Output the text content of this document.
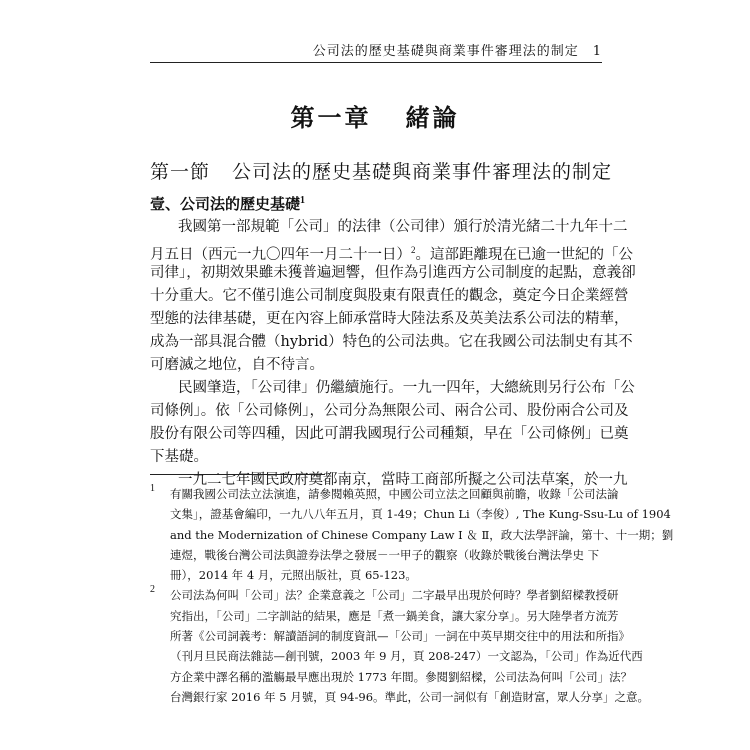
公司法的歷史基礎與商業事件審理法的制定 1
第一章 緒論
第一節 公司法的歷史基礎與商業事件審理法的制定
壹、公司法的歷史基礎$^1$
我國第一部規範「公司」的法律（公司律）頒行於清光緒二十九年十二
月五日（西元一九〇四年一月二十一日）$^2$。這部距離現在已逾一世紀的「公
司律」，初期效果雖未獲普遍迴響，但作為引進西方公司制度的起點，意義卻
十分重大。它不僅引進公司制度與股東有限責任的觀念，奠定今日企業經營
型態的法律基礎，更在內容上師承當時大陸法系及英美法系公司法的精華，
成為一部具混合體（hybrid）特色的公司法典。它在我國公司法制史有其不
可磨滅之地位，自不待言。
民國肇造，「公司律」仍繼續施行。一九一四年，大總統則另行公布「公
司條例」。依「公司條例」，公司分為無限公司、兩合公司、股份兩合公司及
股份有限公司等四種，因此可謂我國現行公司種類，早在「公司條例」已奠
下基礎。
一九二七年國民政府奠都南京，當時工商部所擬之公司法草案，於一九
1 有關我國公司法立法演進，請參閱賴英照，中國公司立法之回顧與前瞻，收錄「公司法論
文集」，證基會編印，一九八八年五月，頁 1-49；Chun Li（李俊）, The Kung-Ssu-Lu of 1904
and the Modernization of Chinese Company Law Ⅰ ＆ Ⅱ，政大法學評論，第十、十一期；劉
連煜，戰後台灣公司法與證券法學之發展－一甲子的觀察（收錄於戰後台灣法學史 下
冊），2014 年 4 月，元照出版社，頁 65-123。
2 公司法為何叫「公司」法？企業意義之「公司」二字最早出現於何時？學者劉紹樑教授研
究指出，「公司」二字訓詁的結果，應是「煮一鍋美食，讓大家分享」。另大陸學者方流芳
所著《公司詞義考：解讀語詞的制度資訊—「公司」一詞在中英早期交往中的用法和所指》
（刊月旦民商法雜誌—創刊號，2003 年 9 月，頁 208-247）一文認為，「公司」作為近代西
方企業中譯名稱的濫觴最早應出現於 1773 年間。參閱劉紹樑，公司法為何叫「公司」法？
台灣銀行家 2016 年 5 月號，頁 94-96。準此，公司一詞似有「創造財富，眾人分享」之意。
